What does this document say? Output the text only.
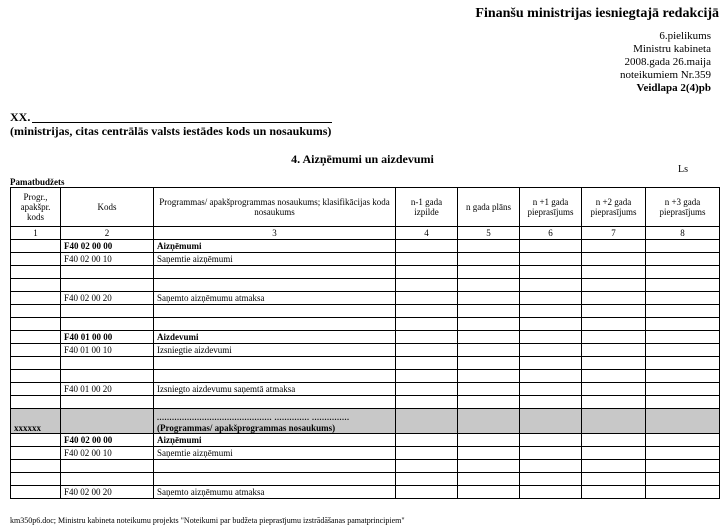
Finanšu ministrijas iesniegtajā redakcijā
6.pielikums
Ministru kabineta
2008.gada 26.maija
noteikumiem Nr.359
Veidlapa 2(4)pb
XX.
(ministrijas, citas centrālās valsts iestādes kods un nosaukums)
4. Aizņēmumi un aizdevumi
Ls
Pamatbudžets
Progr., apakšpr. kods	Kods	Programmas/ apakšprogrammas nosaukums; klasifikācijas koda nosaukums	n-1 gada izpilde	n gada plāns	n +1 gada pieprasījums	n +2 gada pieprasījums	n +3 gada pieprasījums
1	2	3	4	5	6	7	8
	F40 02 00 00	Aizņēmumi					
	F40 02 00 10	Saņemtie aizņēmumi					

	F40 02 00 20	Saņemto aizņēmumu atmaksa					

	F40 01 00 00	Aizdevumi					
	F40 01 00 10	Izsniegtie aizdevumi					

	F40 01 00 20	Izsniegto aizdevumu saņemtā atmaksa					

xxxxxx		.............................................. .............. ...............
(Programmas/ apakšprogrammas nosaukums)					

	F40 02 00 00	Aizņēmumi					
	F40 02 00 10	Saņemtie aizņēmumi					

	F40 02 00 20	Saņemto aizņēmumu atmaksa					
km350p6.doc; Ministru kabineta noteikumu projekts "Noteikumi par budžeta pieprasījumu izstrādāšanas pamatprincipiem"
